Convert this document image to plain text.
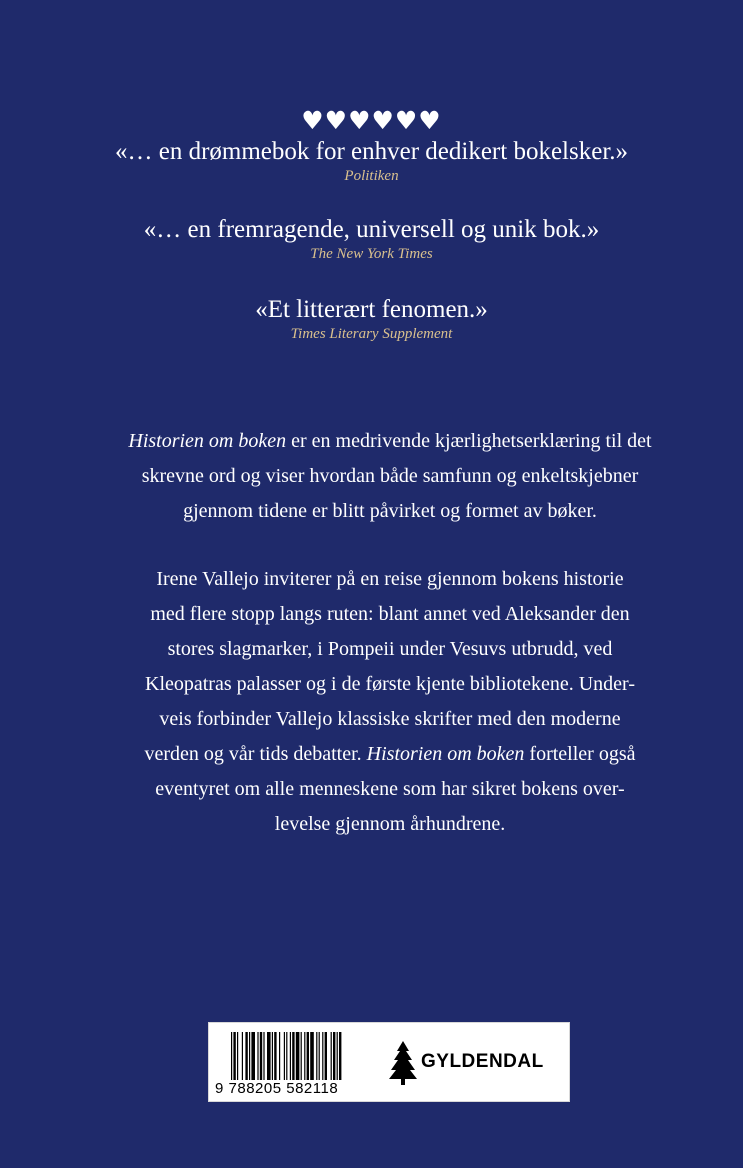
♥♥♥♥♥♥
«… en drømmebok for enhver dedikert bokelsker.»
Politiken
«… en fremragende, universell og unik bok.»
The New York Times
«Et litterært fenomen.»
Times Literary Supplement
Historien om boken er en medrivende kjærlighetserklæring til det
skrevne ord og viser hvordan både samfunn og enkeltskjebner
gjennom tidene er blitt påvirket og formet av bøker.
Irene Vallejo inviterer på en reise gjennom bokens historie
med flere stopp langs ruten: blant annet ved Aleksander den
stores slagmarker, i Pompeii under Vesuvs utbrudd, ved
Kleopatras palasser og i de første kjente bibliotekene. Under-
veis forbinder Vallejo klassiske skrifter med den moderne
verden og vår tids debatter. Historien om boken forteller også
eventyret om alle menneskene som har sikret bokens over-
levelse gjennom århundrene.
9 788205 582118
GYLDENDAL
